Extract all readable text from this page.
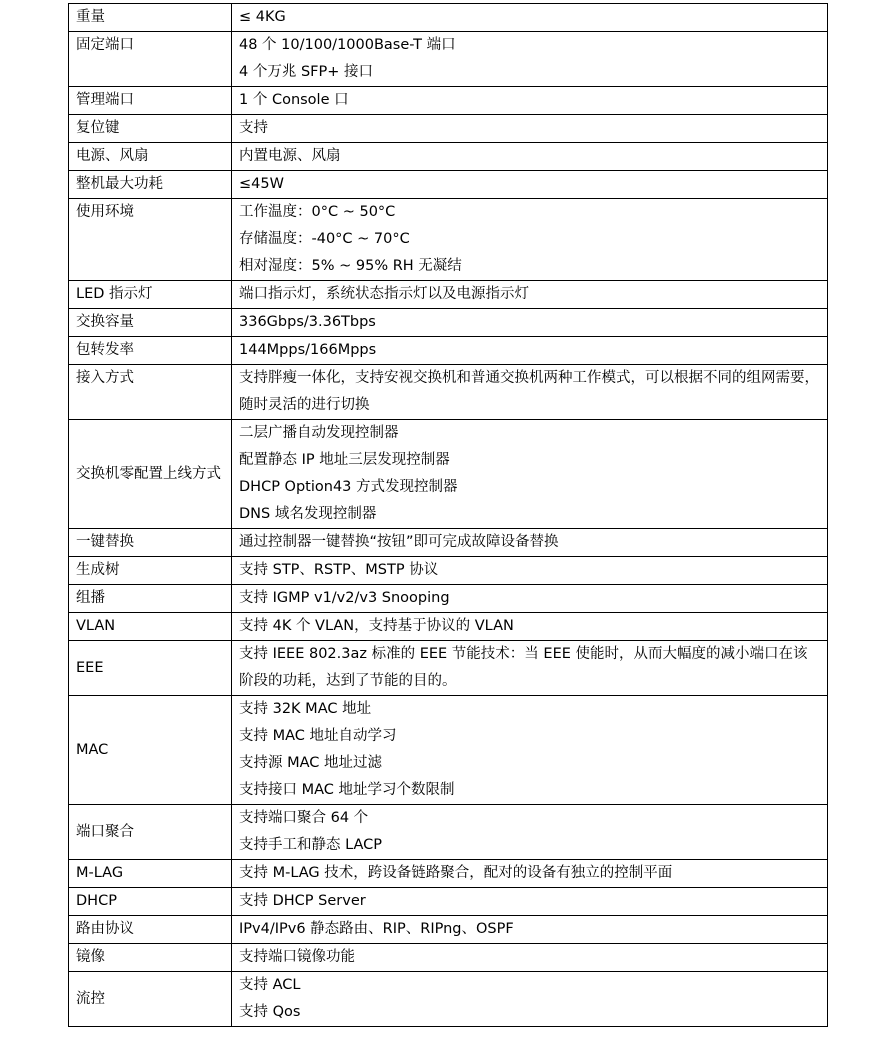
重量	≤ 4KG

固定端口	48 个 10/100/1000Base-T 端口
4 个万兆 SFP+ 接口

管理端口	1 个 Console 口

复位键	支持

电源、风扇	内置电源、风扇

整机最大功耗	≤45W

使用环境	工作温度：0°C ~ 50°C
存储温度：-40°C ~ 70°C
相对湿度：5% ~ 95% RH 无凝结

LED 指示灯	端口指示灯，系统状态指示灯以及电源指示灯

交换容量	336Gbps/3.36Tbps

包转发率	144Mpps/166Mpps

接入方式	支持胖瘦一体化，支持安视交换机和普通交换机两种工作模式，可以根据不同的组网需要，随时灵活的进行切换

交换机零配置上线方式	二层广播自动发现控制器
配置静态 IP 地址三层发现控制器
DHCP Option43 方式发现控制器
DNS 域名发现控制器

一键替换	通过控制器一键替换“按钮”即可完成故障设备替换

生成树	支持 STP、RSTP、MSTP 协议

组播	支持 IGMP v1/v2/v3 Snooping

VLAN	支持 4K 个 VLAN，支持基于协议的 VLAN

EEE	支持 IEEE 802.3az 标准的 EEE 节能技术：当 EEE 使能时，从而大幅度的减小端口在该阶段的功耗，达到了节能的目的。

MAC	支持 32K MAC 地址
支持 MAC 地址自动学习
支持源 MAC 地址过滤
支持接口 MAC 地址学习个数限制

端口聚合	支持端口聚合 64 个
支持手工和静态 LACP

M-LAG	支持 M-LAG 技术，跨设备链路聚合，配对的设备有独立的控制平面

DHCP	支持 DHCP Server

路由协议	IPv4/IPv6 静态路由、RIP、RIPng、OSPF

镜像	支持端口镜像功能

流控	支持 ACL
支持 Qos
